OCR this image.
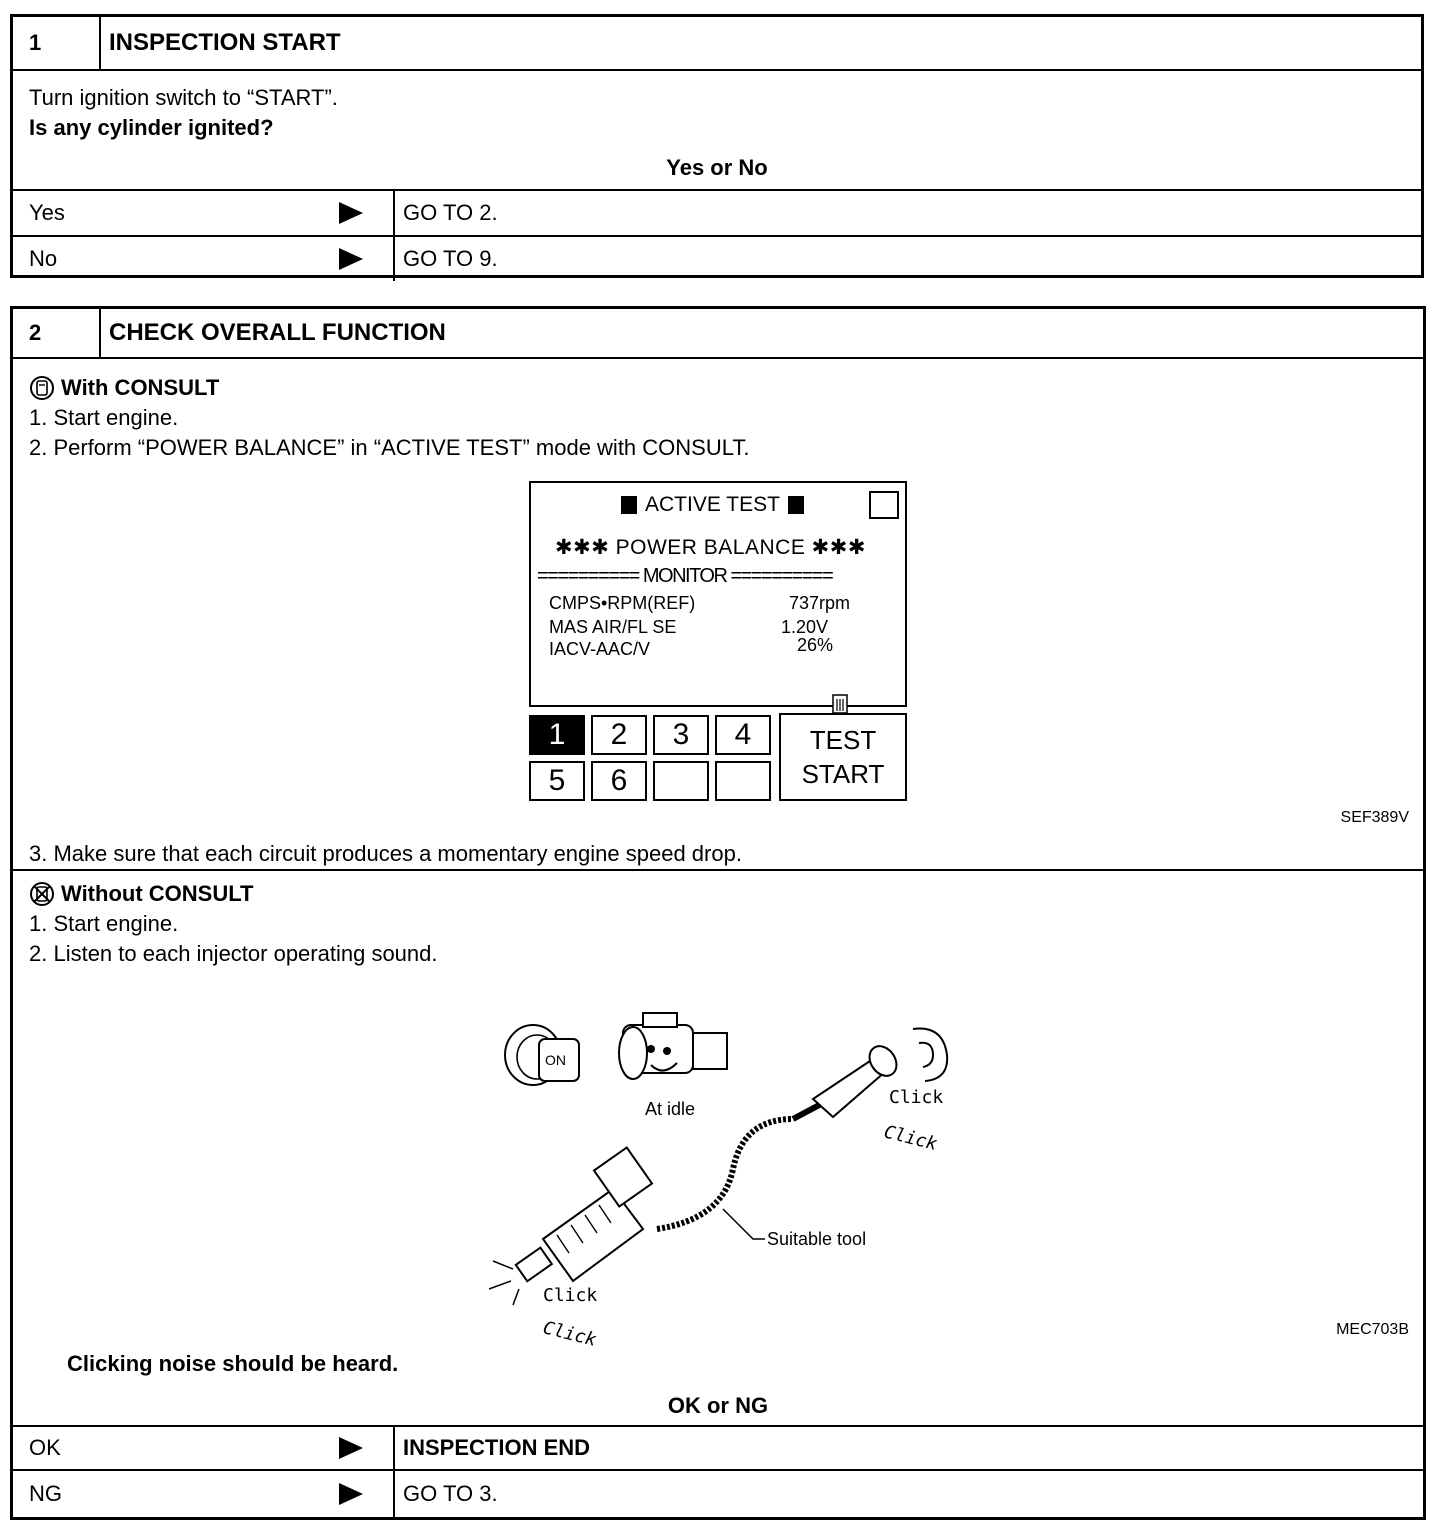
1	INSPECTION START
Turn ignition switch to “START”.
Is any cylinder ignited?
Yes or No
Yes	GO TO 2.
No	GO TO 9.
2	CHECK OVERALL FUNCTION
With CONSULT
1. Start engine.
2. Perform “POWER BALANCE” in “ACTIVE TEST” mode with CONSULT.
ACTIVE TEST
✱✱✱ POWER BALANCE ✱✱✱
========== MONITOR ==========
CMPS•RPM(REF)	737rpm
MAS AIR/FL SE	1.20V
IACV-AAC/V	26%
1	2	3	4
5	6
TEST
START
SEF389V
3. Make sure that each circuit produces a momentary engine speed drop.
Without CONSULT
1. Start engine.
2. Listen to each injector operating sound.
ON
At idle
Click
Click
Click
Click
Suitable tool
MEC703B
Clicking noise should be heard.
OK or NG
OK	INSPECTION END
NG	GO TO 3.
